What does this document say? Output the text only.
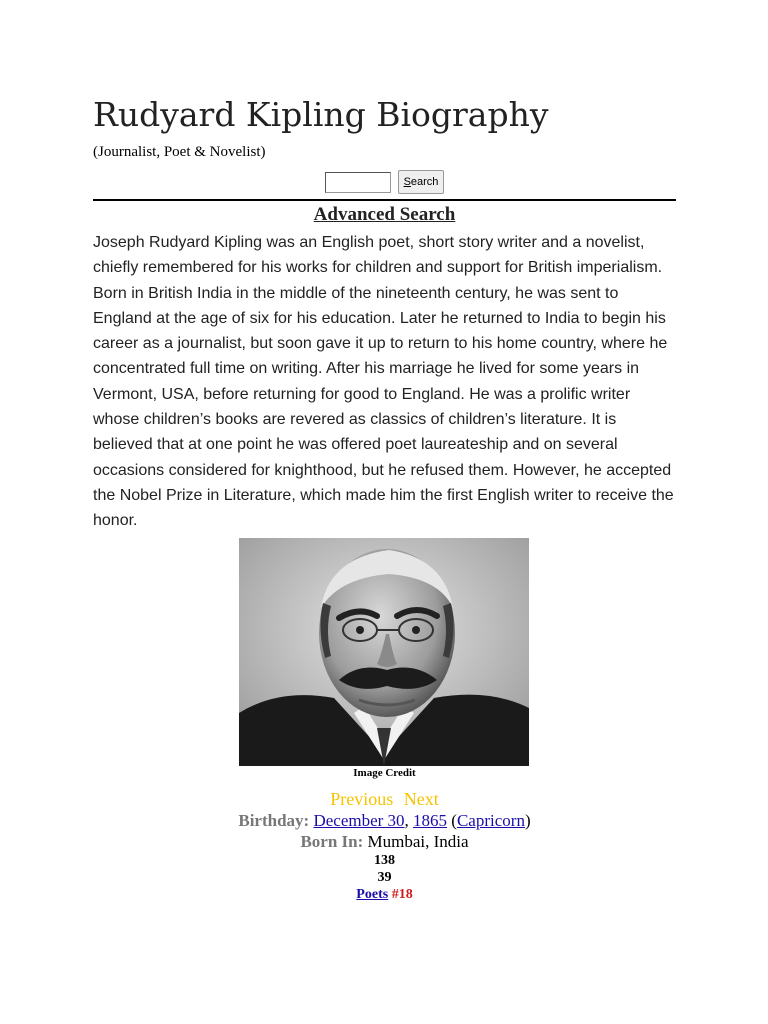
Rudyard Kipling Biography
(Journalist, Poet & Novelist)
Search
Advanced Search

Joseph Rudyard Kipling was an English poet, short story writer and a novelist, chiefly remembered for his works for children and support for British imperialism. Born in British India in the middle of the nineteenth century, he was sent to England at the age of six for his education. Later he returned to India to begin his career as a journalist, but soon gave it up to return to his home country, where he concentrated full time on writing. After his marriage he lived for some years in Vermont, USA, before returning for good to England. He was a prolific writer whose children’s books are revered as classics of children’s literature. It is believed that at one point he was offered poet laureateship and on several occasions considered for knighthood, but he refused them. However, he accepted the Nobel Prize in Literature, which made him the first English writer to receive the honor.

Image Credit
Previous Next
Birthday: December 30, 1865 (Capricorn)
Born In: Mumbai, India
138
39
Poets #18
